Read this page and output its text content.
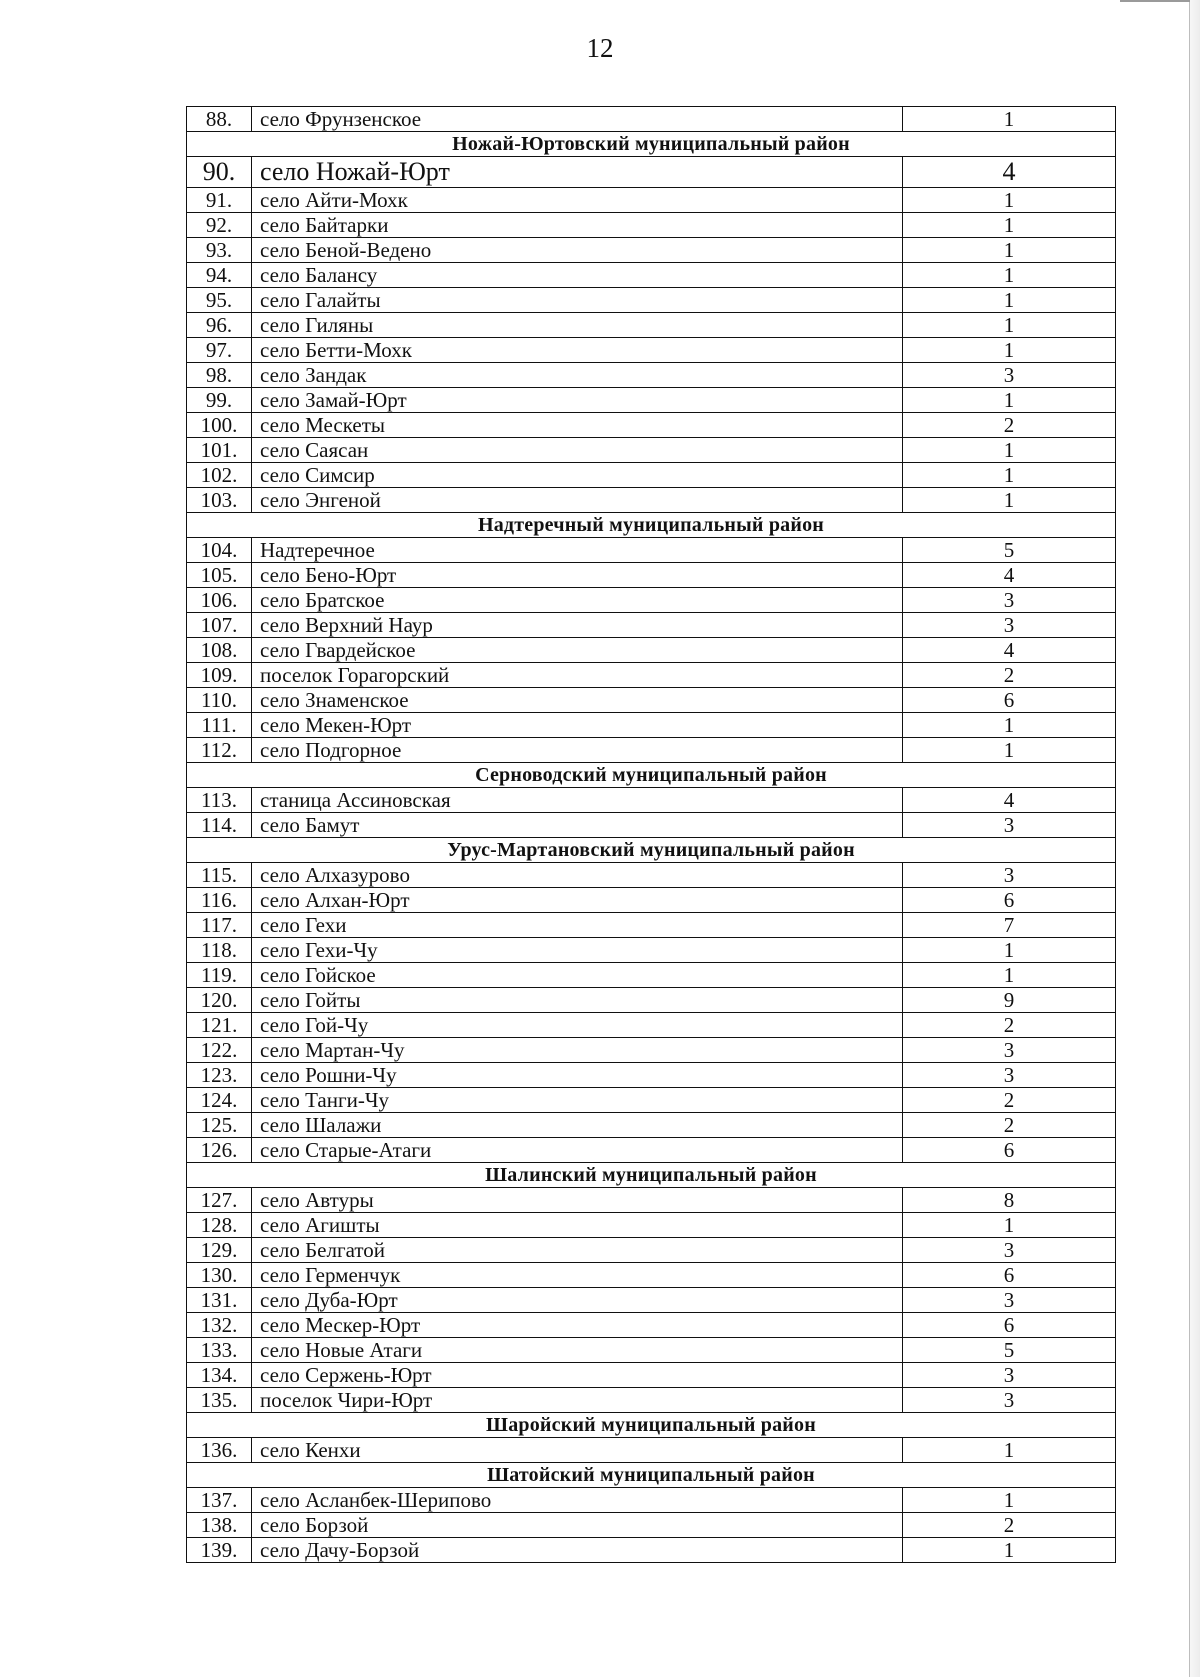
12
88.	село Фрунзенское	1
Ножай-Юртовский муниципальный район		
90.	село Ножай-Юрт	4
91.	село Айти-Мохк	1
92.	село Байтарки	1
93.	село Беной-Ведено	1
94.	село Балансу	1
95.	село Галайты	1
96.	село Гиляны	1
97.	село Бетти-Мохк	1
98.	село Зандак	3
99.	село Замай-Юрт	1
100.	село Мескеты	2
101.	село Саясан	1
102.	село Симсир	1
103.	село Энгеной	1
Надтеречный муниципальный район		
104.	Надтеречное	5
105.	село Бено-Юрт	4
106.	село Братское	3
107.	село Верхний Наур	3
108.	село Гвардейское	4
109.	поселок Горагорский	2
110.	село Знаменское	6
111.	село Мекен-Юрт	1
112.	село Подгорное	1
Серноводский муниципальный район		
113.	станица Ассиновская	4
114.	село Бамут	3
Урус-Мартановский муниципальный район		
115.	село Алхазурово	3
116.	село Алхан-Юрт	6
117.	село Гехи	7
118.	село Гехи-Чу	1
119.	село Гойское	1
120.	село Гойты	9
121.	село Гой-Чу	2
122.	село Мартан-Чу	3
123.	село Рошни-Чу	3
124.	село Танги-Чу	2
125.	село Шалажи	2
126.	село Старые-Атаги	6
Шалинский муниципальный район		
127.	село Автуры	8
128.	село Агишты	1
129.	село Белгатой	3
130.	село Герменчук	6
131.	село Дуба-Юрт	3
132.	село Мескер-Юрт	6
133.	село Новые Атаги	5
134.	село Сержень-Юрт	3
135.	поселок Чири-Юрт	3
Шаройский муниципальный район		
136.	село Кенхи	1
Шатойский муниципальный район		
137.	село Асланбек-Шерипово	1
138.	село Борзой	2
139.	село Дачу-Борзой	1
